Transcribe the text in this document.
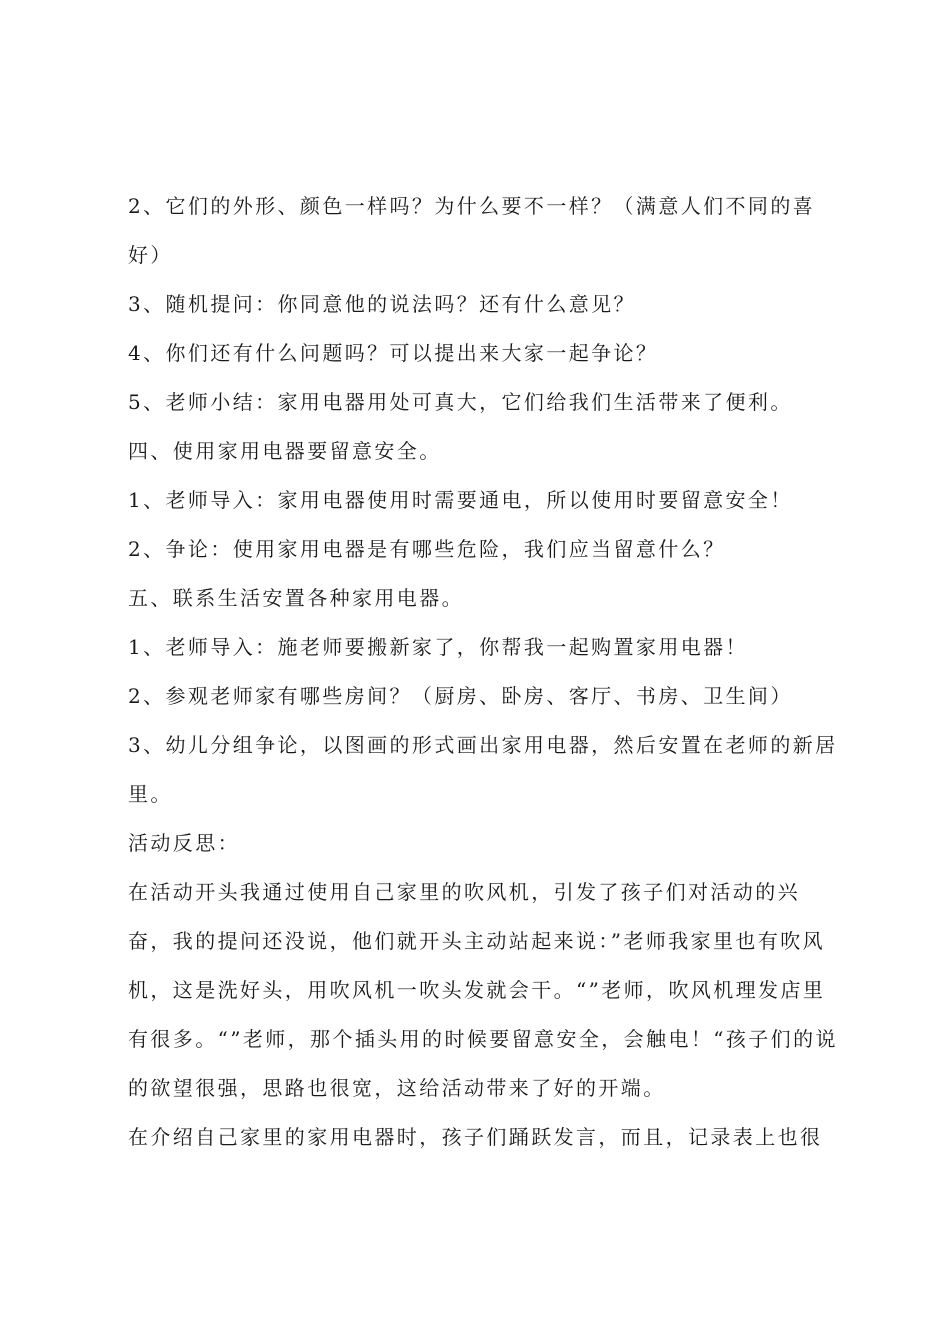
2、它们的外形、颜色一样吗？为什么要不一样？（满意人们不同的喜好）

3、随机提问：你同意他的说法吗？还有什么意见？

4、你们还有什么问题吗？可以提出来大家一起争论？

5、老师小结：家用电器用处可真大，它们给我们生活带来了便利。

四、使用家用电器要留意安全。

1、老师导入：家用电器使用时需要通电，所以使用时要留意安全！

2、争论：使用家用电器是有哪些危险，我们应当留意什么？

五、联系生活安置各种家用电器。

1、老师导入：施老师要搬新家了，你帮我一起购置家用电器！

2、参观老师家有哪些房间？（厨房、卧房、客厅、书房、卫生间）

3、幼儿分组争论，以图画的形式画出家用电器，然后安置在老师的新居里。

活动反思：

在活动开头我通过使用自己家里的吹风机，引发了孩子们对活动的兴奋，我的提问还没说，他们就开头主动站起来说：”老师我家里也有吹风机，这是洗好头，用吹风机一吹头发就会干。“”老师，吹风机理发店里有很多。“”老师，那个插头用的时候要留意安全，会触电！“孩子们的说的欲望很强，思路也很宽，这给活动带来了好的开端。

在介绍自己家里的家用电器时，孩子们踊跃发言，而且，记录表上也很
